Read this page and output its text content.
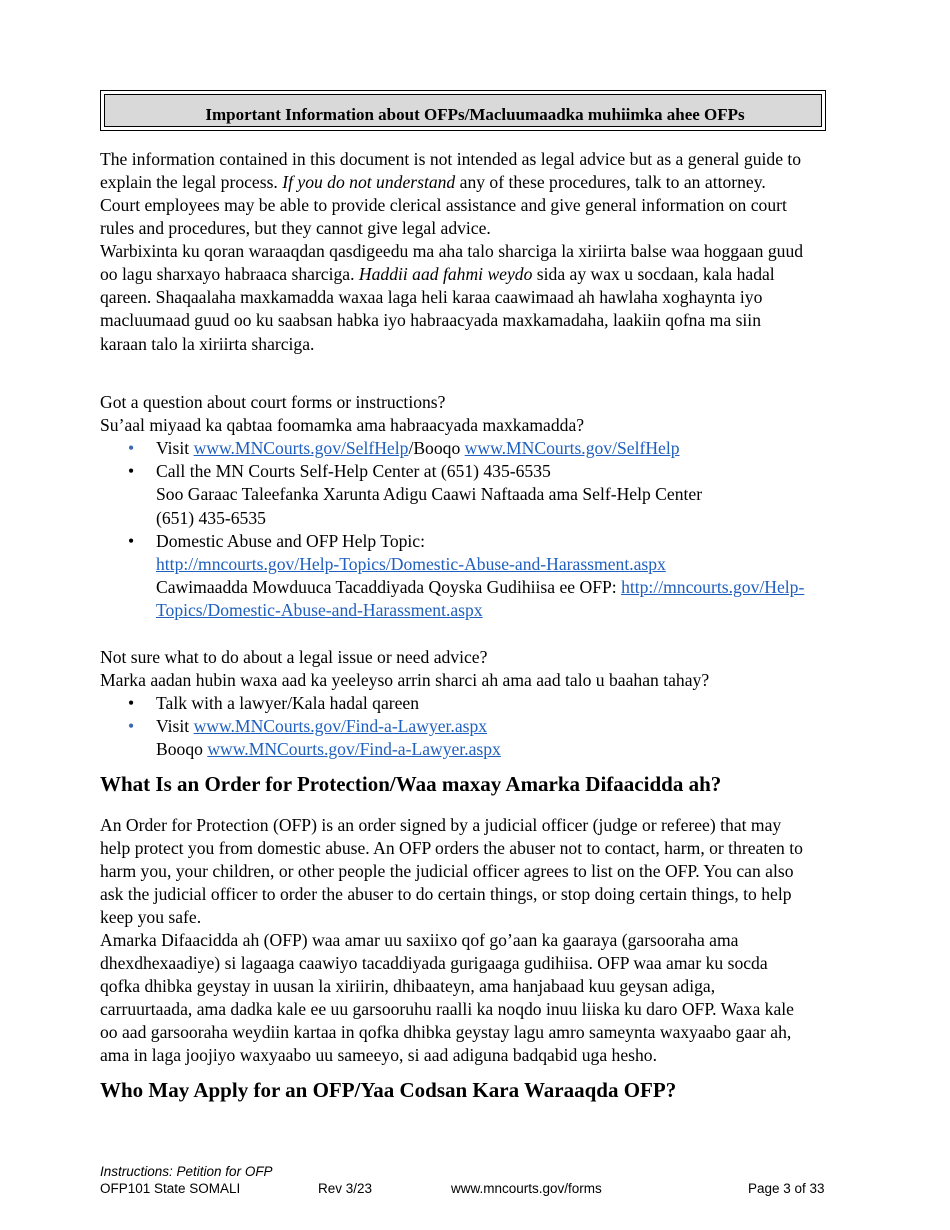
Important Information about OFPs/Macluumaadka muhiimka ahee OFPs
The information contained in this document is not intended as legal advice but as a general guide to
explain the legal process. If you do not understand any of these procedures, talk to an attorney.
Court employees may be able to provide clerical assistance and give general information on court
rules and procedures, but they cannot give legal advice.
Warbixinta ku qoran waraaqdan qasdigeedu ma aha talo sharciga la xiriirta balse waa hoggaan guud
oo lagu sharxayo habraaca sharciga. Haddii aad fahmi weydo sida ay wax u socdaan, kala hadal
qareen. Shaqaalaha maxkamadda waxaa laga heli karaa caawimaad ah hawlaha xoghaynta iyo
macluumaad guud oo ku saabsan habka iyo habraacyada maxkamadaha, laakiin qofna ma siin
karaan talo la xiriirta sharciga.
Got a question about court forms or instructions?
Su’aal miyaad ka qabtaa foomamka ama habraacyada maxkamadda?
• Visit www.MNCourts.gov/SelfHelp/Booqo www.MNCourts.gov/SelfHelp
• Call the MN Courts Self-Help Center at (651) 435-6535
Soo Garaac Taleefanka Xarunta Adigu Caawi Naftaada ama Self-Help Center
(651) 435-6535
• Domestic Abuse and OFP Help Topic:
http://mncourts.gov/Help-Topics/Domestic-Abuse-and-Harassment.aspx
Cawimaadda Mowduuca Tacaddiyada Qoyska Gudihiisa ee OFP: http://mncourts.gov/Help-
Topics/Domestic-Abuse-and-Harassment.aspx
Not sure what to do about a legal issue or need advice?
Marka aadan hubin waxa aad ka yeeleyso arrin sharci ah ama aad talo u baahan tahay?
• Talk with a lawyer/Kala hadal qareen
• Visit www.MNCourts.gov/Find-a-Lawyer.aspx
Booqo www.MNCourts.gov/Find-a-Lawyer.aspx
What Is an Order for Protection/Waa maxay Amarka Difaacidda ah?
An Order for Protection (OFP) is an order signed by a judicial officer (judge or referee) that may
help protect you from domestic abuse. An OFP orders the abuser not to contact, harm, or threaten to
harm you, your children, or other people the judicial officer agrees to list on the OFP. You can also
ask the judicial officer to order the abuser to do certain things, or stop doing certain things, to help
keep you safe.
Amarka Difaacidda ah (OFP) waa amar uu saxiixo qof go’aan ka gaaraya (garsooraha ama
dhexdhexaadiye) si lagaaga caawiyo tacaddiyada gurigaaga gudihiisa. OFP waa amar ku socda
qofka dhibka geystay in uusan la xiriirin, dhibaateyn, ama hanjabaad kuu geysan adiga,
carruurtaada, ama dadka kale ee uu garsooruhu raalli ka noqdo inuu liiska ku daro OFP. Waxa kale
oo aad garsooraha weydiin kartaa in qofka dhibka geystay lagu amro sameynta waxyaabo gaar ah,
ama in laga joojiyo waxyaabo uu sameeyo, si aad adiguna badqabid uga hesho.
Who May Apply for an OFP/Yaa Codsan Kara Waraaqda OFP?
Instructions: Petition for OFP
OFP101 State SOMALI	Rev 3/23	www.mncourts.gov/forms	Page 3 of 33
